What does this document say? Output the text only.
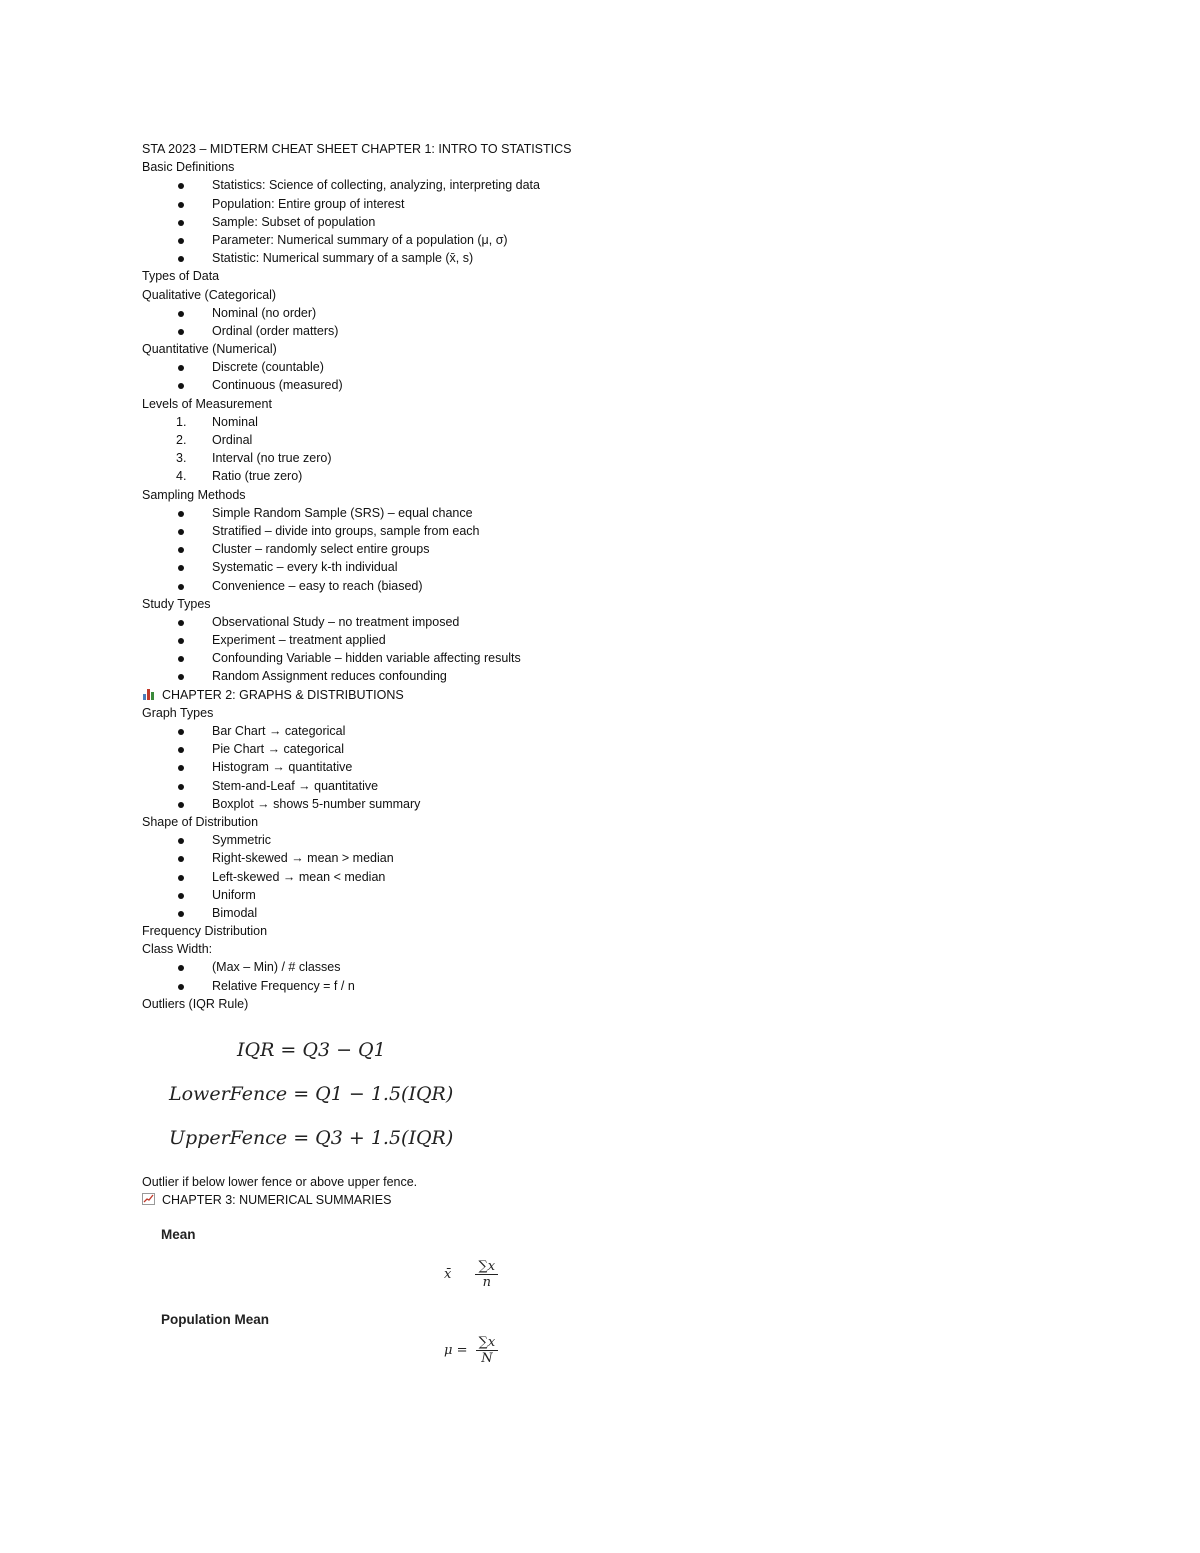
STA 2023 – MIDTERM CHEAT SHEET CHAPTER 1: INTRO TO STATISTICS
Basic Definitions
Statistics: Science of collecting, analyzing, interpreting data
Population: Entire group of interest
Sample: Subset of population
Parameter: Numerical summary of a population (μ, σ)
Statistic: Numerical summary of a sample (x̄, s)
Types of Data
Qualitative (Categorical)
Nominal (no order)
Ordinal (order matters)
Quantitative (Numerical)
Discrete (countable)
Continuous (measured)
Levels of Measurement
1. Nominal
2. Ordinal
3. Interval (no true zero)
4. Ratio (true zero)
Sampling Methods
Simple Random Sample (SRS) – equal chance
Stratified – divide into groups, sample from each
Cluster – randomly select entire groups
Systematic – every k-th individual
Convenience – easy to reach (biased)
Study Types
Observational Study – no treatment imposed
Experiment – treatment applied
Confounding Variable – hidden variable affecting results
Random Assignment reduces confounding
CHAPTER 2: GRAPHS & DISTRIBUTIONS
Graph Types
Bar Chart → categorical
Pie Chart → categorical
Histogram → quantitative
Stem-and-Leaf → quantitative
Boxplot → shows 5-number summary
Shape of Distribution
Symmetric
Right-skewed → mean > median
Left-skewed → mean < median
Uniform
Bimodal
Frequency Distribution
Class Width:
(Max – Min) / # classes
Relative Frequency = f / n
Outliers (IQR Rule)
IQR = Q3 − Q1
LowerFence = Q1 − 1.5(IQR)
UpperFence = Q3 + 1.5(IQR)
Outlier if below lower fence or above upper fence.
CHAPTER 3: NUMERICAL SUMMARIES
Mean
x̄ $\frac{\sum x}{n}$
Population Mean
$\mu = \frac{\sum x}{N}$
